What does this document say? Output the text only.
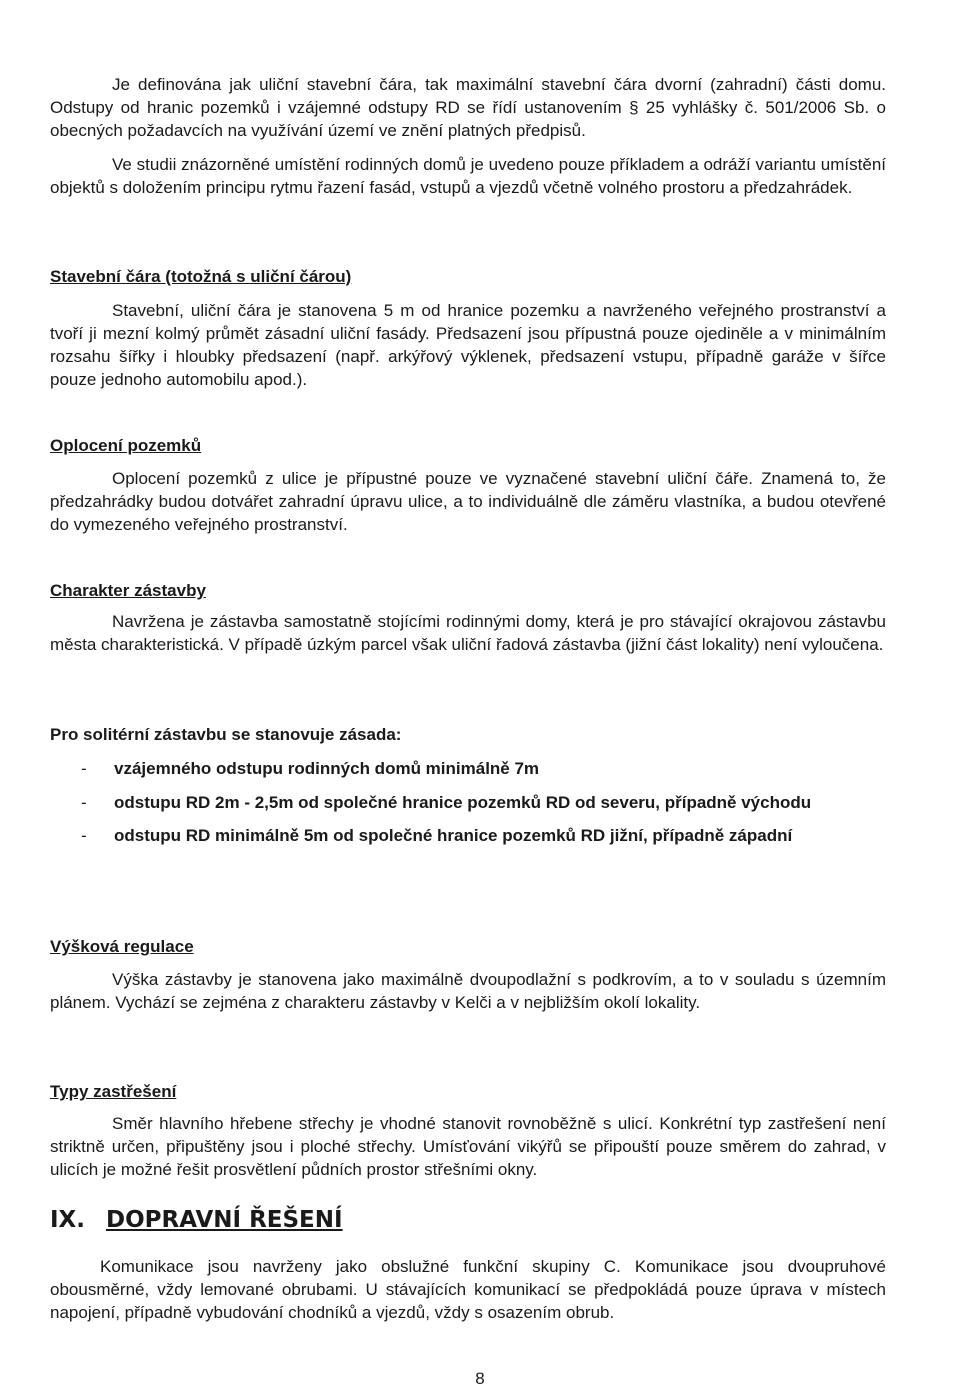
Je definována jak uliční stavební čára, tak maximální stavební čára dvorní (zahradní) části domu. Odstupy od hranic pozemků i vzájemné odstupy RD se řídí ustanovením § 25 vyhlášky č. 501/2006 Sb. o obecných požadavcích na využívání území ve znění platných předpisů.

Ve studii znázorněné umístění rodinných domů je uvedeno pouze příkladem a odráží variantu umístění objektů s doložením principu rytmu řazení fasád, vstupů a vjezdů včetně volného prostoru a předzahrádek.

Stavební čára (totožná s uliční čárou)

Stavební, uliční čára je stanovena 5 m od hranice pozemku a navrženého veřejného prostranství a tvoří ji mezní kolmý průmět zásadní uliční fasády. Předsazení jsou přípustná pouze ojediněle a v minimálním rozsahu šířky i hloubky předsazení (např. arkýřový výklenek, předsazení vstupu, případně garáže v šířce pouze jednoho automobilu apod.).

Oplocení pozemků

Oplocení pozemků z ulice je přípustné pouze ve vyznačené stavební uliční čáře. Znamená to, že předzahrádky budou dotvářet zahradní úpravu ulice, a to individuálně dle záměru vlastníka, a budou otevřené do vymezeného veřejného prostranství.

Charakter zástavby

Navržena je zástavba samostatně stojícími rodinnými domy, která je pro stávající okrajovou zástavbu města charakteristická. V případě úzkým parcel však uliční řadová zástavba (jižní část lokality) není vyloučena.

Pro solitérní zástavbu se stanovuje zásada:
- vzájemného odstupu rodinných domů minimálně 7m
- odstupu RD 2m - 2,5m od společné hranice pozemků RD od severu, případně východu
- odstupu RD minimálně 5m od společné hranice pozemků RD jižní, případně západní
Výšková regulace

Výška zástavby je stanovena jako maximálně dvoupodlažní s podkrovím, a to v souladu s územním plánem. Vychází se zejména z charakteru zástavby v Kelči a v nejbližším okolí lokality.

Typy zastřešení

Směr hlavního hřebene střechy je vhodné stanovit rovnoběžně s ulicí. Konkrétní typ zastřešení není striktně určen, připuštěny jsou i ploché střechy. Umísťování vikýřů se připouští pouze směrem do zahrad, v ulicích je možné řešit prosvětlení půdních prostor střešními okny.

IX. DOPRAVNÍ ŘEŠENÍ

Komunikace jsou navrženy jako obslužné funkční skupiny C. Komunikace jsou dvoupruhové obousměrné, vždy lemované obrubami. U stávajících komunikací se předpokládá pouze úprava v místech napojení, případně vybudování chodníků a vjezdů, vždy s osazením obrub.

8
